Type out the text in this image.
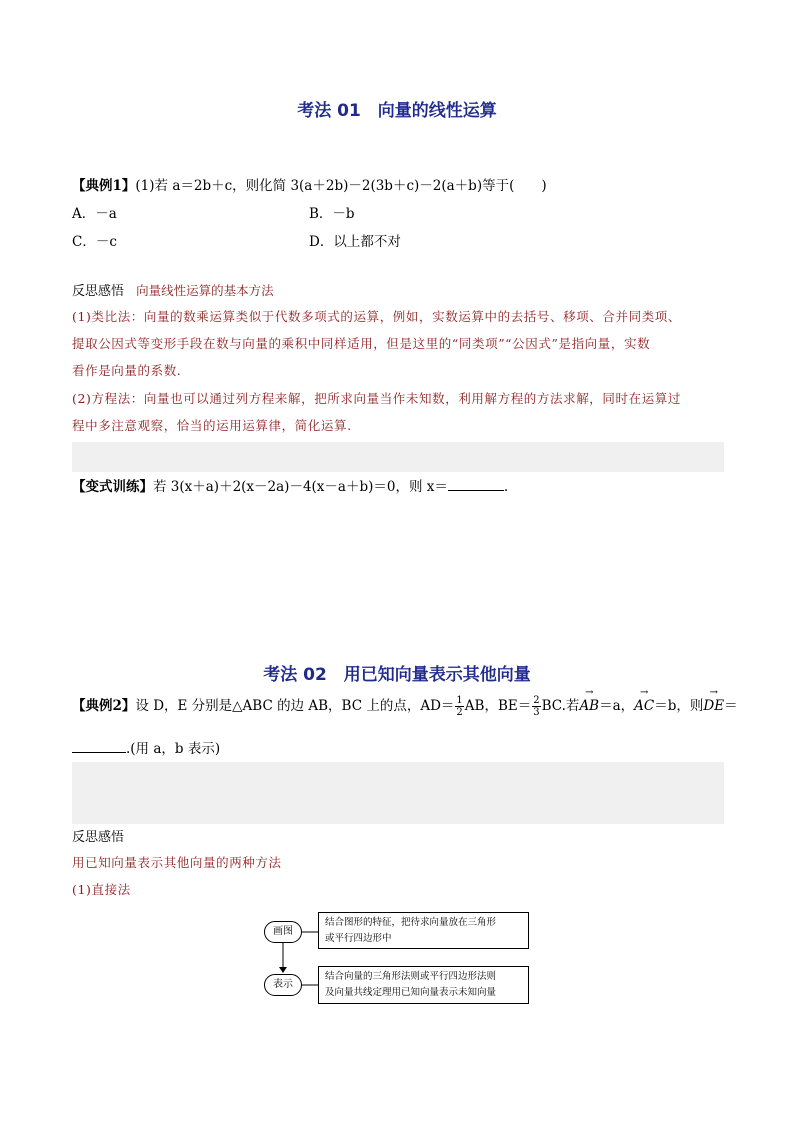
考法 01　向量的线性运算
【典例1】(1)若 a＝2b＋c，则化简 3(a＋2b)－2(3b＋c)－2(a＋b)等于(　　)
A．－a	B．－b
C．－c	D．以上都不对
反思感悟 向量线性运算的基本方法
(1)类比法：向量的数乘运算类似于代数多项式的运算，例如，实数运算中的去括号、移项、合并同类项、
提取公因式等变形手段在数与向量的乘积中同样适用，但是这里的“同类项”“公因式”是指向量，实数
看作是向量的系数.
(2)方程法：向量也可以通过列方程来解，把所求向量当作未知数，利用解方程的方法求解，同时在运算过
程中多注意观察，恰当的运用运算律，简化运算.
【变式训练】若 3(x＋a)＋2(x－2a)－4(x－a＋b)＝0，则 x＝	.
考法 02　用已知向量表示其他向量
【典例2】设 D，E 分别是△ABC 的边 AB，BC 上的点，$AD= \frac{1}{2}$ AB，$BE= \frac{2}{3}$ BC.若→ AB＝a，→ AC＝b，则→ DE＝
.(用 a，b 表示)
反思感悟
用已知向量表示其他向量的两种方法
(1)直接法
画图
结合图形的特征，把待求向量放在三角形
或平行四边形中
表示
结合向量的三角形法则或平行四边形法则
及向量共线定理用已知向量表示未知向量
